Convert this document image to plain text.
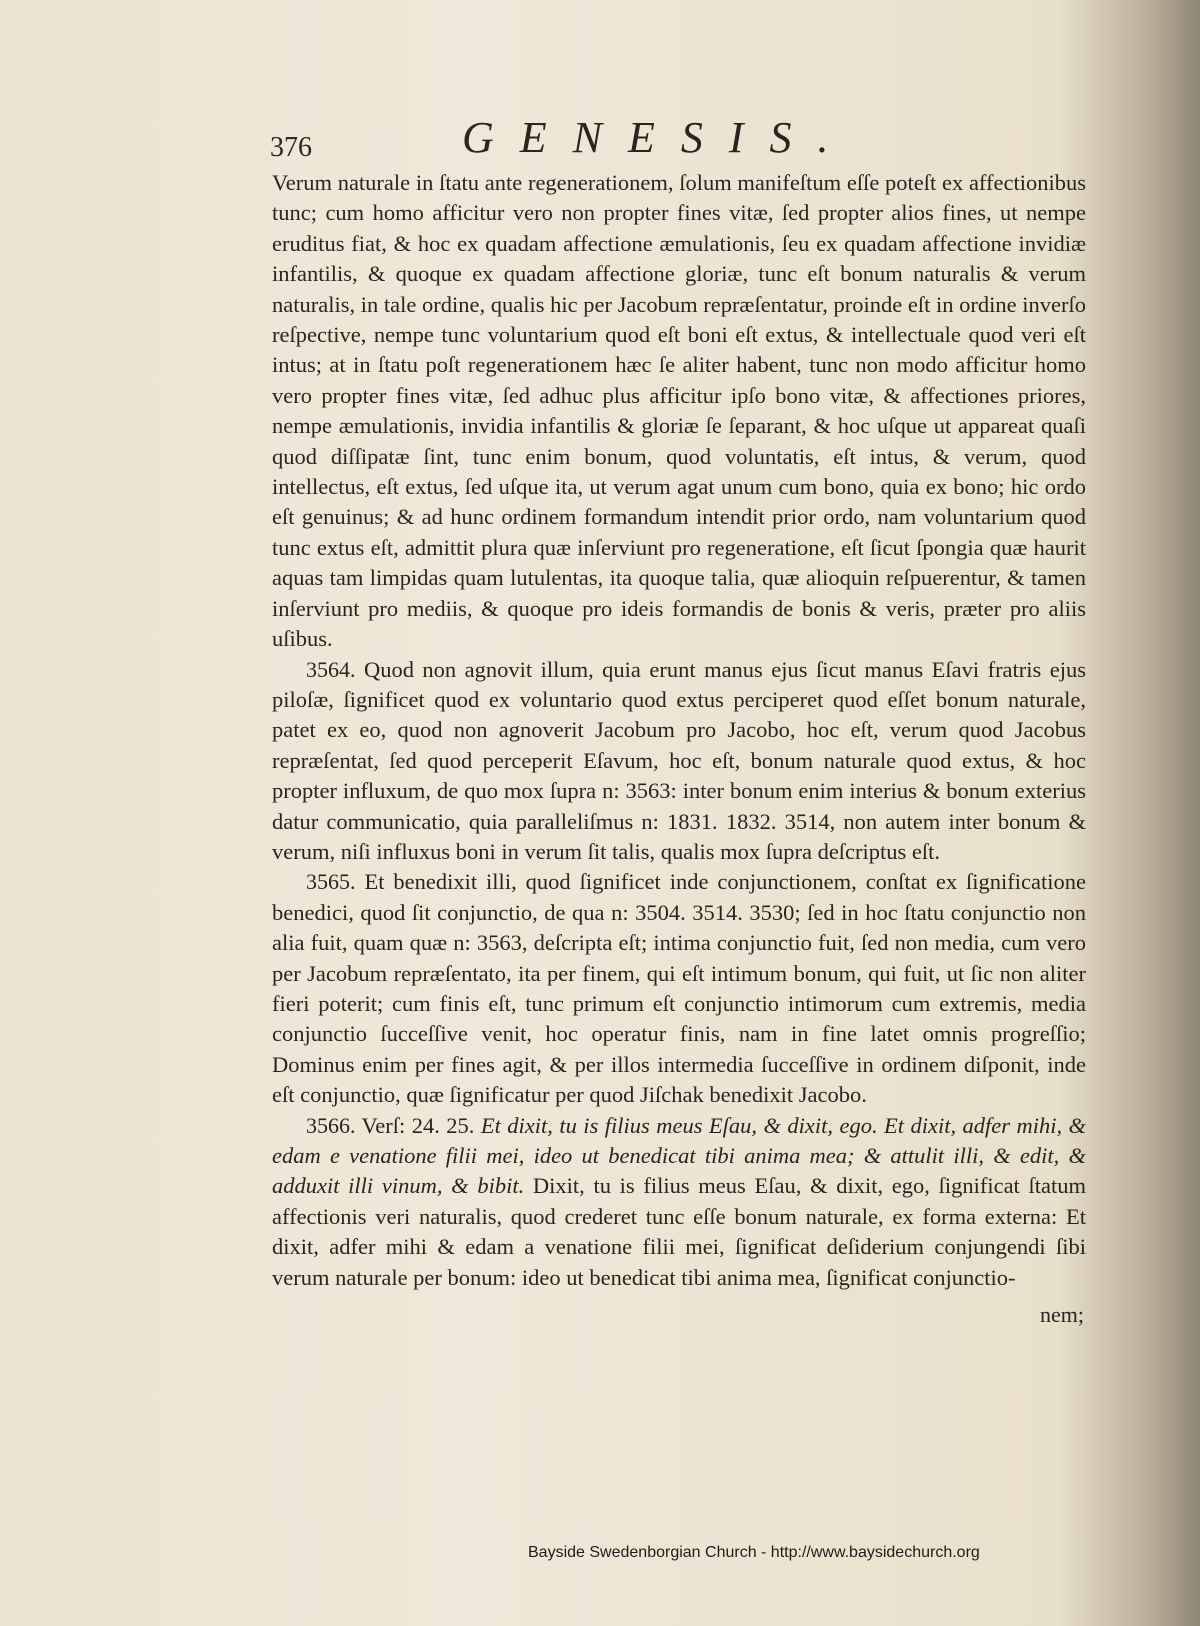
376	GENESIS.

Verum naturale in ſtatu ante regenerationem, ſolum manifeſtum eſſe poteſt ex affectionibus tunc; cum homo afficitur vero non propter fines vitæ, ſed propter alios fines, ut nempe eruditus fiat, & hoc ex quadam affectione æmulationis, ſeu ex quadam affectione invidiæ infantilis, & quoque ex quadam affectione gloriæ, tunc eſt bonum naturalis & verum naturalis, in tale ordine, qualis hic per Jacobum repræſentatur, proinde eſt in ordine inverſo reſpective, nempe tunc voluntarium quod eſt boni eſt extus, & intellectuale quod veri eſt intus; at in ſtatu poſt regenerationem hæc ſe aliter habent, tunc non modo afficitur homo vero propter fines vitæ, ſed adhuc plus afficitur ipſo bono vitæ, & affectiones priores, nempe æmulationis, invidia infantilis & gloriæ ſe ſeparant, & hoc uſque ut appareat quaſi quod diſſipatæ ſint, tunc enim bonum, quod voluntatis, eſt intus, & verum, quod intellectus, eſt extus, ſed uſque ita, ut verum agat unum cum bono, quia ex bono; hic ordo eſt genuinus; & ad hunc ordinem formandum intendit prior ordo, nam voluntarium quod tunc extus eſt, admittit plura quæ inſerviunt pro regeneratione, eſt ſicut ſpongia quæ haurit aquas tam limpidas quam lutulentas, ita quoque talia, quæ alioquin reſpuerentur, & tamen inſerviunt pro mediis, & quoque pro ideis formandis de bonis & veris, præter pro aliis uſibus.

3564. Quod non agnovit illum, quia erunt manus ejus ſicut manus Eſavi fratris ejus piloſæ, ſignificet quod ex voluntario quod extus perciperet quod eſſet bonum naturale, patet ex eo, quod non agnoverit Jacobum pro Jacobo, hoc eſt, verum quod Jacobus repræſentat, ſed quod perceperit Eſavum, hoc eſt, bonum naturale quod extus, & hoc propter influxum, de quo mox ſupra n: 3563: inter bonum enim interius & bonum exterius datur communicatio, quia paralleliſmus n: 1831. 1832. 3514, non autem inter bonum & verum, niſi influxus boni in verum ſit talis, qualis mox ſupra deſcriptus eſt.

3565. Et benedixit illi, quod ſignificet inde conjunctionem, conſtat ex ſignificatione benedici, quod ſit conjunctio, de qua n: 3504. 3514. 3530; ſed in hoc ſtatu conjunctio non alia fuit, quam quæ n: 3563, deſcripta eſt; intima conjunctio fuit, ſed non media, cum vero per Jacobum repræſentato, ita per finem, qui eſt intimum bonum, qui fuit, ut ſic non aliter fieri poterit; cum finis eſt, tunc primum eſt conjunctio intimorum cum extremis, media conjunctio ſucceſſive venit, hoc operatur finis, nam in fine latet omnis progreſſio; Dominus enim per fines agit, & per illos intermedia ſucceſſive in ordinem diſponit, inde eſt conjunctio, quæ ſignificatur per quod Jiſchak benedixit Jacobo.

3566. Verſ: 24. 25. Et dixit, tu is filius meus Eſau, & dixit, ego. Et dixit, adfer mihi, & edam e venatione filii mei, ideo ut benedicat tibi anima mea; & attulit illi, & edit, & adduxit illi vinum, & bibit. Dixit, tu is filius meus Eſau, & dixit, ego, ſignificat ſtatum affectionis veri naturalis, quod crederet tunc eſſe bonum naturale, ex forma externa: Et dixit, adfer mihi & edam a venatione filii mei, ſignificat deſiderium conjungendi ſibi verum naturale per bonum: ideo ut benedicat tibi anima mea, ſignificat conjunctio-

nem;
Bayside Swedenborgian Church - http://www.baysidechurch.org
